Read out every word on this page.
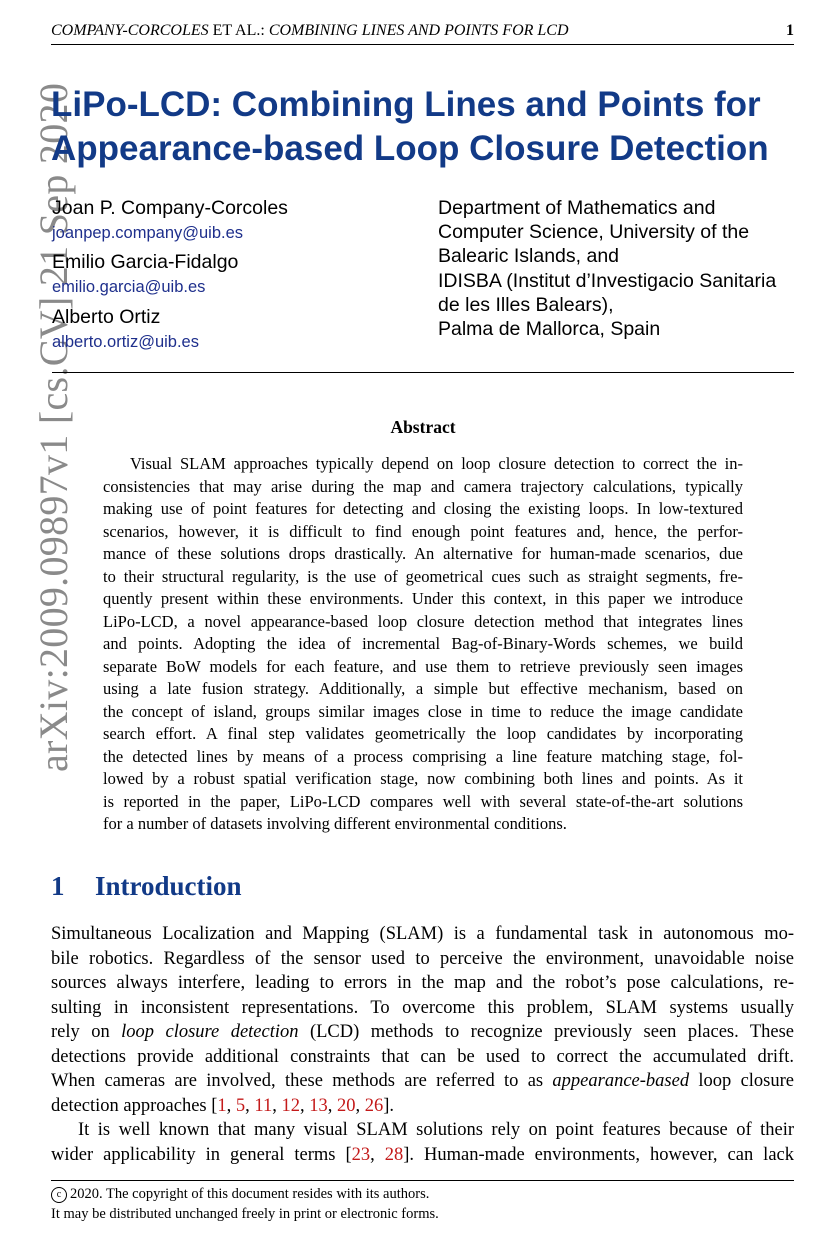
COMPANY-CORCOLES ET AL.: COMBINING LINES AND POINTS FOR LCD	1
arXiv:2009.09897v1 [cs.CV] 21 Sep 2020
LiPo-LCD: Combining Lines and Points for
Appearance-based Loop Closure Detection
Joan P. Company-Corcoles
joanpep.company@uib.es
Emilio Garcia-Fidalgo
emilio.garcia@uib.es
Alberto Ortiz
alberto.ortiz@uib.es
Department of Mathematics and
Computer Science, University of the
Balearic Islands, and
IDISBA (Institut d’Investigacio Sanitaria
de les Illes Balears),
Palma de Mallorca, Spain
Abstract
Visual SLAM approaches typically depend on loop closure detection to correct the in-
consistencies that may arise during the map and camera trajectory calculations, typically
making use of point features for detecting and closing the existing loops. In low-textured
scenarios, however, it is difficult to find enough point features and, hence, the perfor-
mance of these solutions drops drastically. An alternative for human-made scenarios, due
to their structural regularity, is the use of geometrical cues such as straight segments, fre-
quently present within these environments. Under this context, in this paper we introduce
LiPo-LCD, a novel appearance-based loop closure detection method that integrates lines
and points. Adopting the idea of incremental Bag-of-Binary-Words schemes, we build
separate BoW models for each feature, and use them to retrieve previously seen images
using a late fusion strategy. Additionally, a simple but effective mechanism, based on
the concept of island, groups similar images close in time to reduce the image candidate
search effort. A final step validates geometrically the loop candidates by incorporating
the detected lines by means of a process comprising a line feature matching stage, fol-
lowed by a robust spatial verification stage, now combining both lines and points. As it
is reported in the paper, LiPo-LCD compares well with several state-of-the-art solutions
for a number of datasets involving different environmental conditions.
1 Introduction
Simultaneous Localization and Mapping (SLAM) is a fundamental task in autonomous mo-
bile robotics. Regardless of the sensor used to perceive the environment, unavoidable noise
sources always interfere, leading to errors in the map and the robot’s pose calculations, re-
sulting in inconsistent representations. To overcome this problem, SLAM systems usually
rely on loop closure detection (LCD) methods to recognize previously seen places. These
detections provide additional constraints that can be used to correct the accumulated drift.
When cameras are involved, these methods are referred to as appearance-based loop closure
detection approaches [1, 5, 11, 12, 13, 20, 26].
It is well known that many visual SLAM solutions rely on point features because of their
wider applicability in general terms [23, 28]. Human-made environments, however, can lack
c 2020. The copyright of this document resides with its authors.
It may be distributed unchanged freely in print or electronic forms.
